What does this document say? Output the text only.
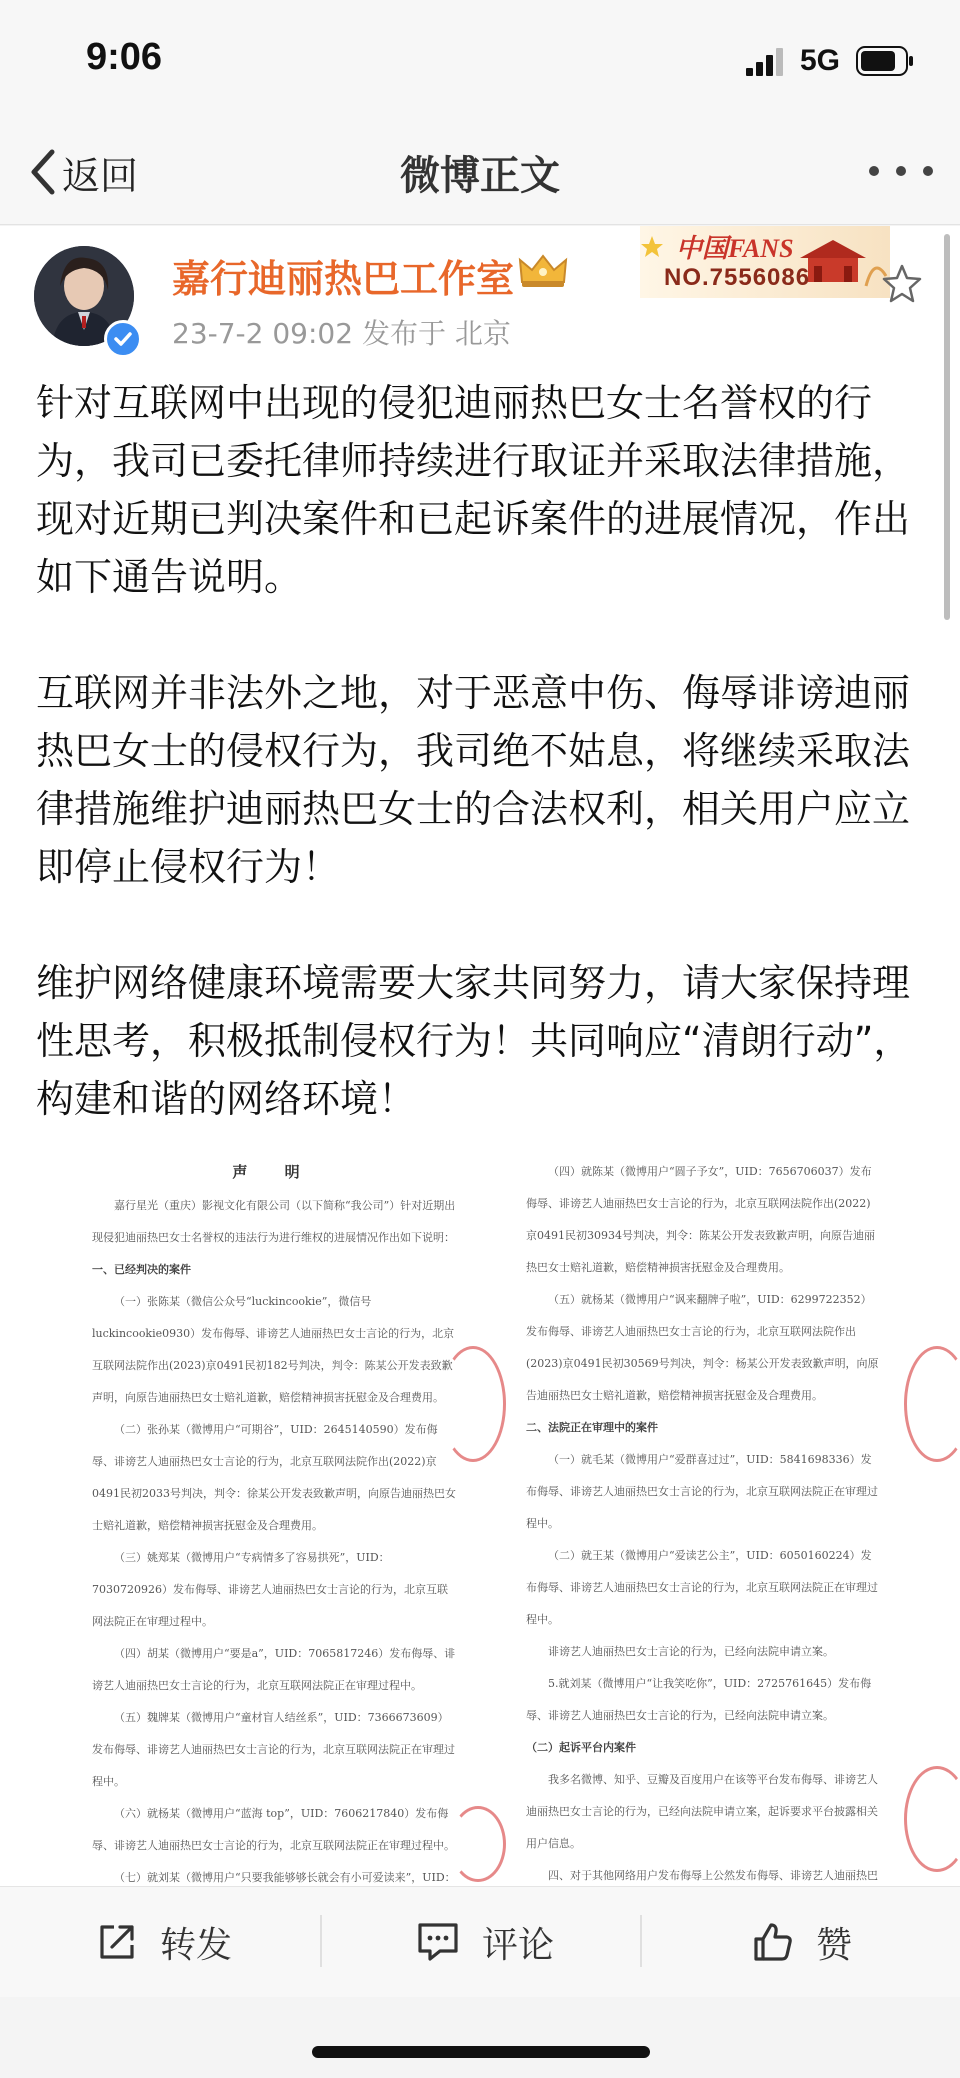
9:06	5G
返回	微博正文
嘉行迪丽热巴工作室
23-7-2 09:02 发布于 北京
中国FANS
NO.7556086

针对互联网中出现的侵犯迪丽热巴女士名誉权的行为，我司已委托律师持续进行取证并采取法律措施，现对近期已判决案件和已起诉案件的进展情况，作出如下通告说明。

互联网并非法外之地，对于恶意中伤、侮辱诽谤迪丽热巴女士的侵权行为，我司绝不姑息，将继续采取法律措施维护迪丽热巴女士的合法权利，相关用户应立即停止侵权行为！

维护网络健康环境需要大家共同努力，请大家保持理性思考，积极抵制侵权行为！共同响应“清朗行动”，构建和谐的网络环境！

声 明

嘉行星光（重庆）影视文化有限公司（以下简称“我公司”）针对近期出现侵犯迪丽热巴女士名誉权的违法行为进行维权的进展情况作出如下说明：

一、已经判决的案件

（一）张陈某（微信公众号“luckincookie”，微信号luckincookie0930）发布侮辱、诽谤艺人迪丽热巴女士言论的行为，北京互联网法院作出(2023)京0491民初182号判决，判令：陈某公开发表致歉声明，向原告迪丽热巴女士赔礼道歉，赔偿精神损害抚慰金及合理费用。

（二）张孙某（微博用户“可期谷”，UID：2645140590）发布侮辱、诽谤艺人迪丽热巴女士言论的行为，北京互联网法院作出(2022)京0491民初2033号判决，判令：徐某公开发表致歉声明，向原告迪丽热巴女士赔礼道歉，赔偿精神损害抚慰金及合理费用。

（三）姚郑某（微博用户“专病情多了容易拱死”，UID：7030720926）发布侮辱、诽谤艺人迪丽热巴女士言论的行为，北京互联网法院正在审理过程中。

（四）胡某（微博用户“要是a”，UID：7065817246）发布侮辱、诽谤艺人迪丽热巴女士言论的行为，北京互联网法院正在审理过程中。

（五）魏牌某（微博用户“童材盲人结丝系”，UID：7366673609）发布侮辱、诽谤艺人迪丽热巴女士言论的行为，北京互联网法院正在审理过程中。

（六）就杨某（微博用户“蓝海 top”，UID：7606217840）发布侮辱、诽谤艺人迪丽热巴女士言论的行为，北京互联网法院正在审理过程中。

（七）就刘某（微博用户“只要我能够够长就会有小可爱读来”，UID：

（四）就陈某（微博用户“圆子予女”，UID：7656706037）发布侮辱、诽谤艺人迪丽热巴女士言论的行为，北京互联网法院作出(2022)京0491民初30934号判决，判令：陈某公开发表致歉声明，向原告迪丽热巴女士赔礼道歉，赔偿精神损害抚慰金及合理费用。

（五）就杨某（微博用户“讽来翻牌子啦”，UID：6299722352）发布侮辱、诽谤艺人迪丽热巴女士言论的行为，北京互联网法院作出(2023)京0491民初30569号判决，判令：杨某公开发表致歉声明，向原告迪丽热巴女士赔礼道歉，赔偿精神损害抚慰金及合理费用。

二、法院正在审理中的案件

（一）就毛某（微博用户“爱群喜过过”，UID：5841698336）发布侮辱、诽谤艺人迪丽热巴女士言论的行为，北京互联网法院正在审理过程中。

（二）就王某（微博用户“爱读艺公主”，UID：6050160224）发布侮辱、诽谤艺人迪丽热巴女士言论的行为，北京互联网法院正在审理过程中。

诽谤艺人迪丽热巴女士言论的行为，已经向法院申请立案。

5.就刘某（微博用户“让我笑吃你”，UID：2725761645）发布侮辱、诽谤艺人迪丽热巴女士言论的行为，已经向法院申请立案。

（二）起诉平台内案件

我多名微博、知乎、豆瓣及百度用户在该等平台发布侮辱、诽谤艺人迪丽热巴女士言论的行为，已经向法院申请立案，起诉要求平台披露相关用户信息。

四、对于其他网络用户发布侮辱上公然发布侮辱、诽谤艺人迪丽热巴

转发	评论	赞
